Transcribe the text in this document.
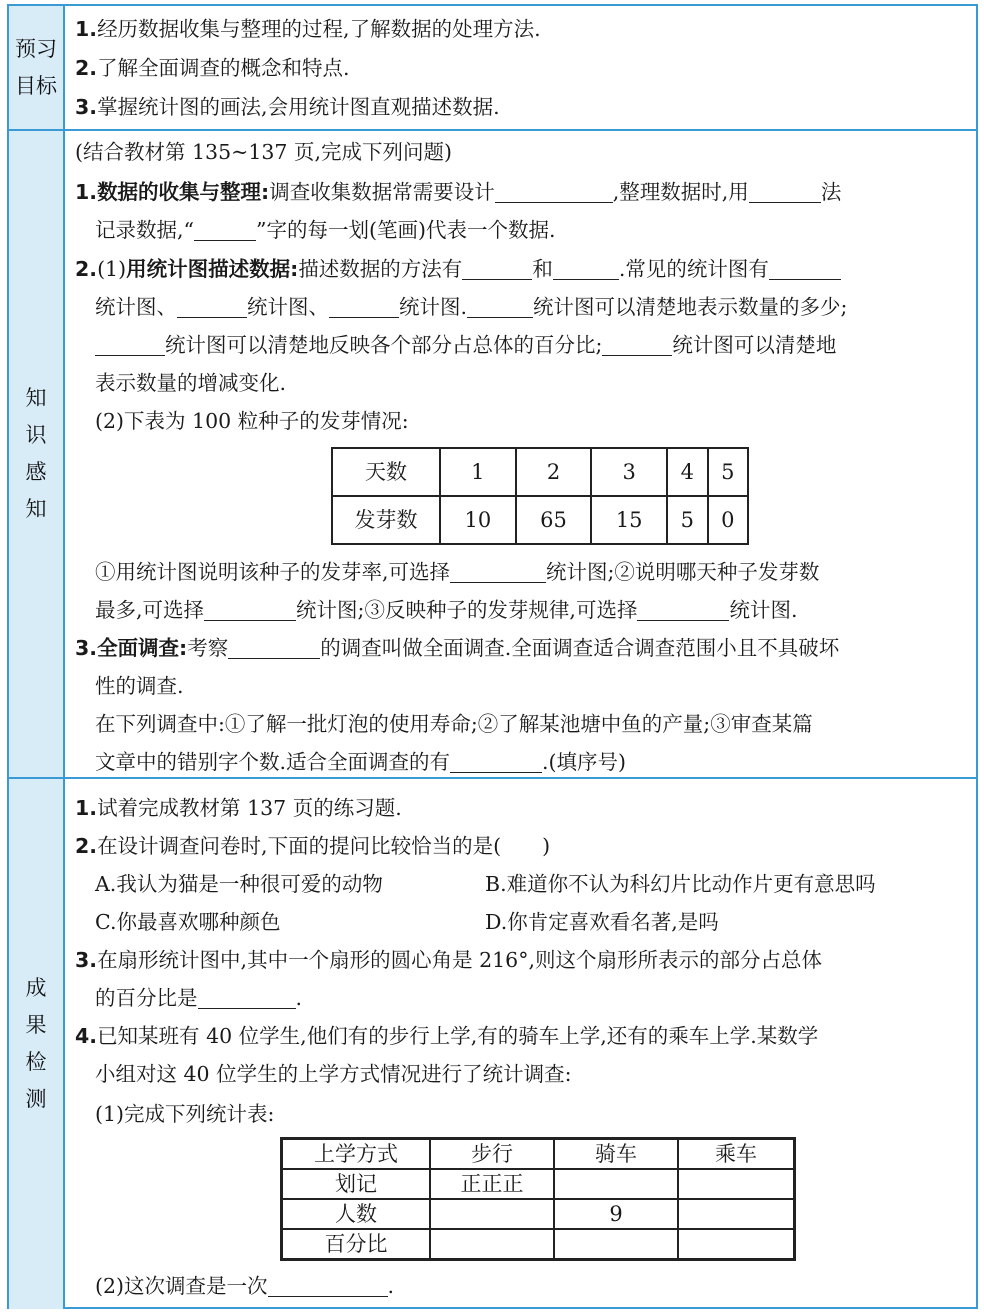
预习目标
1.经历数据收集与整理的过程,了解数据的处理方法.
2.了解全面调查的概念和特点.
3.掌握统计图的画法,会用统计图直观描述数据.
知识感知
(结合教材第 135~137 页,完成下列问题)
1.数据的收集与整理:调查收集数据常需要设计	,整理数据时,用	法
记录数据,“	”字的每一划(笔画)代表一个数据.
2.(1)用统计图描述数据:描述数据的方法有	和	.常见的统计图有
统计图、	统计图、	统计图.	统计图可以清楚地表示数量的多少;
统计图可以清楚地反映各个部分占总体的百分比;	统计图可以清楚地
表示数量的增减变化.
(2)下表为 100 粒种子的发芽情况:
天数	1	2	3	4	5
发芽数	10	65	15	5	0
①用统计图说明该种子的发芽率,可选择	统计图;②说明哪天种子发芽数
最多,可选择	统计图;③反映种子的发芽规律,可选择	统计图.
3.全面调查:考察	的调查叫做全面调查.全面调查适合调查范围小且不具破坏
性的调查.
在下列调查中:①了解一批灯泡的使用寿命;②了解某池塘中鱼的产量;③审查某篇
文章中的错别字个数.适合全面调查的有	.(填序号)
成果检测
1.试着完成教材第 137 页的练习题.
2.在设计调查问卷时,下面的提问比较恰当的是(　　)
A.我认为猫是一种很可爱的动物	B.难道你不认为科幻片比动作片更有意思吗
C.你最喜欢哪种颜色	D.你肯定喜欢看名著,是吗
3.在扇形统计图中,其中一个扇形的圆心角是 216°,则这个扇形所表示的部分占总体
的百分比是	.
4.已知某班有 40 位学生,他们有的步行上学,有的骑车上学,还有的乘车上学.某数学
小组对这 40 位学生的上学方式情况进行了统计调查:
(1)完成下列统计表:
上学方式	步行	骑车	乘车
划记	正正正		
人数		9	
百分比			
(2)这次调查是一次	.
